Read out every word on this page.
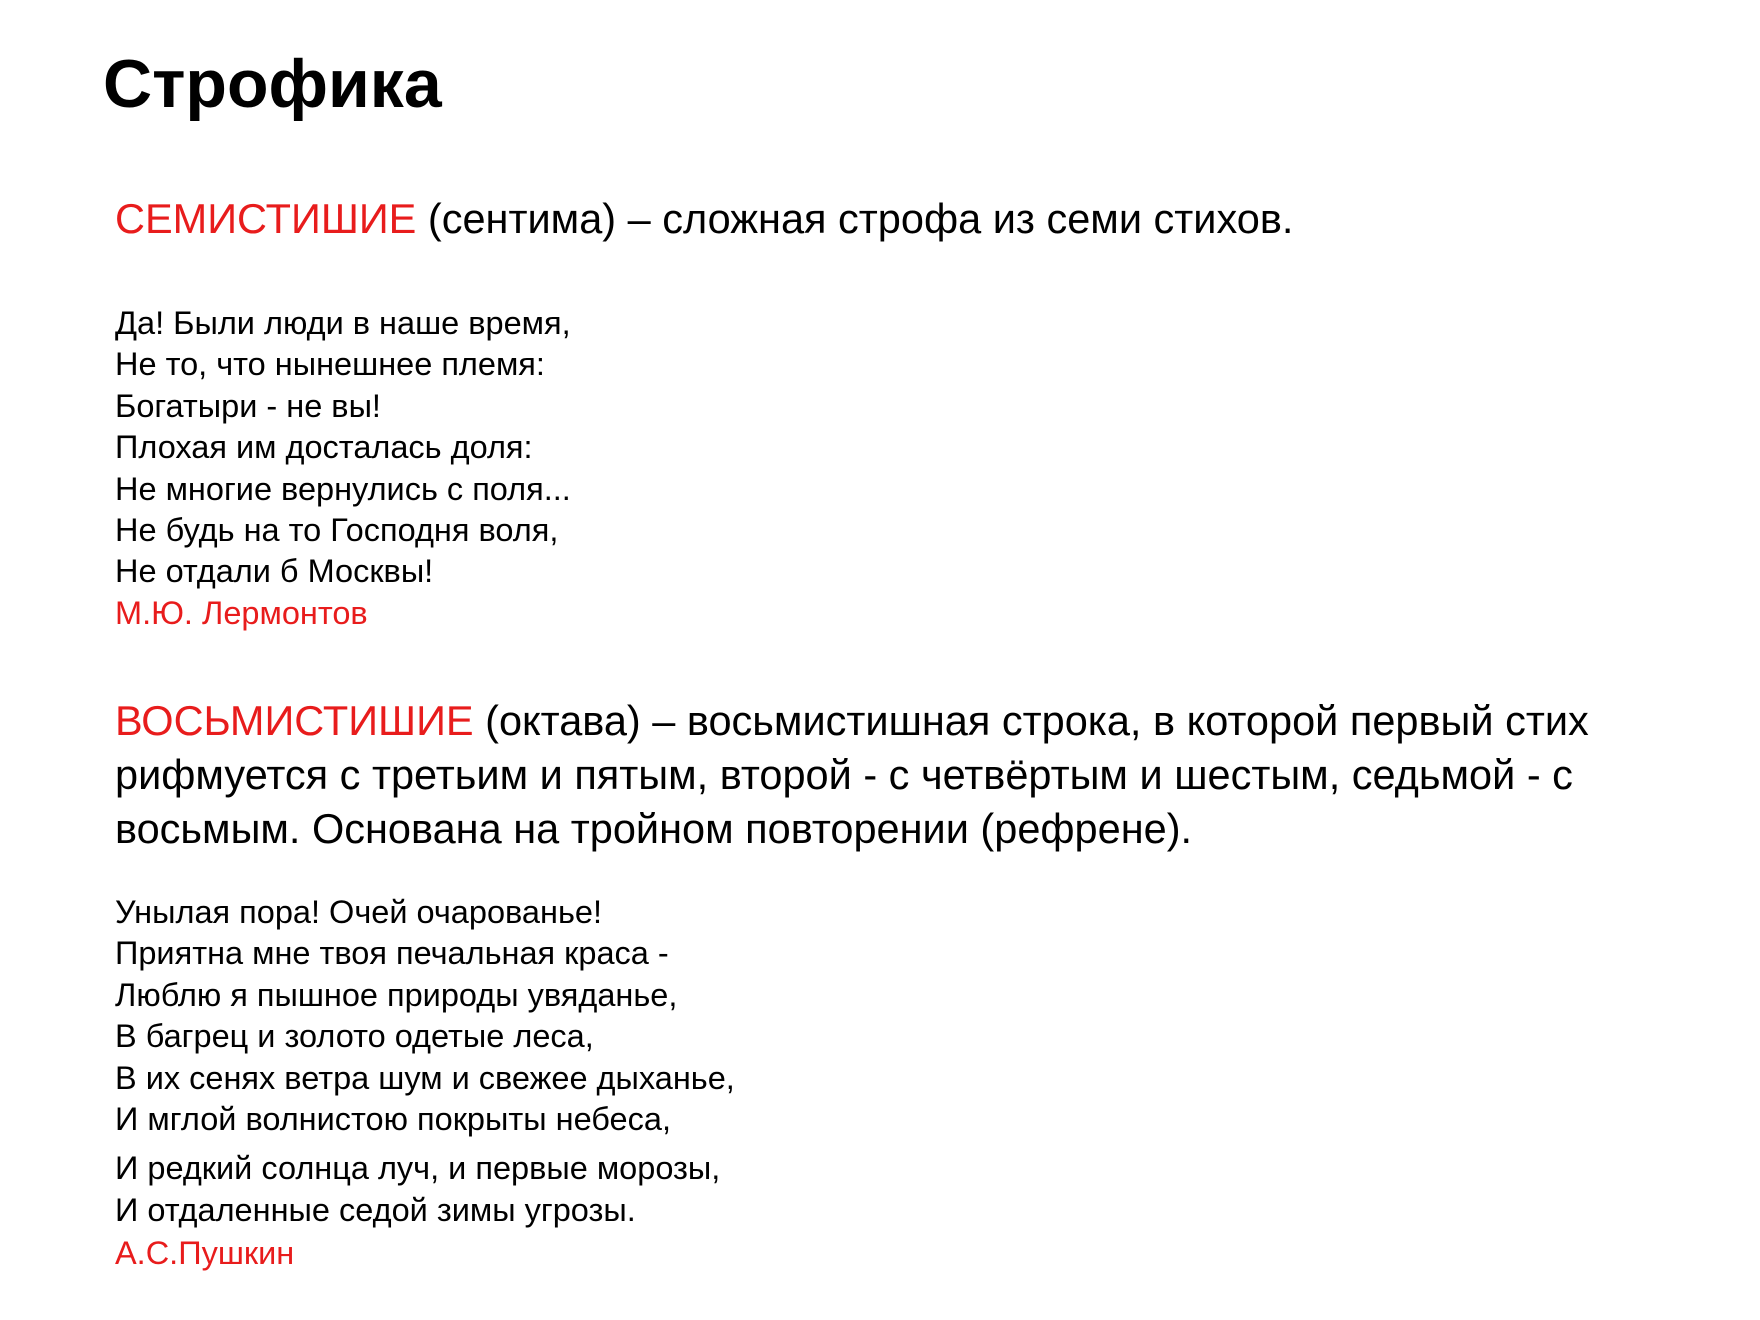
Строфика

СЕМИСТИШИЕ (сентима) – сложная строфа из семи стихов.

Да! Были люди в наше время,
Не то, что нынешнее племя:
Богатыри - не вы!
Плохая им досталась доля:
Не многие вернулись с поля...
Не будь на то Господня воля,
Не отдали б Москвы!

М.Ю. Лермонтов

ВОСЬМИСТИШИЕ (октава) – восьмистишная строка, в которой первый стих рифмуется с третьим и пятым, второй - с четвёртым и шестым, седьмой - с восьмым. Основана на тройном повторении (рефрене).

Унылая пора! Очей очарованье!
Приятна мне твоя печальная краса -
Люблю я пышное природы увяданье,
В багрец и золото одетые леса,
В их сенях ветра шум и свежее дыханье,
И мглой волнистою покрыты небеса,
И редкий солнца луч, и первые морозы,
И отдаленные седой зимы угрозы.

А.С.Пушкин
